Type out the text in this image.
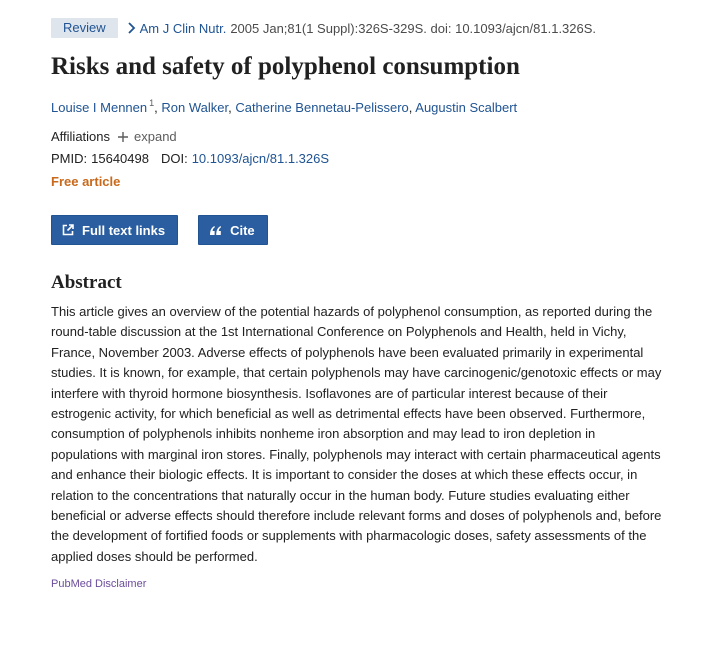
Review	Am J Clin Nutr. 2005 Jan;81(1 Suppl):326S-329S. doi: 10.1093/ajcn/81.1.326S.
Risks and safety of polyphenol consumption
Louise I Mennen $^1$, Ron Walker, Catherine Bennetau-Pelissero, Augustin Scalbert
Affiliations expand
PMID: 15640498 DOI: 10.1093/ajcn/81.1.326S
Free article
Full text links	Cite
Abstract
This article gives an overview of the potential hazards of polyphenol consumption, as reported during the round-table discussion at the 1st International Conference on Polyphenols and Health, held in Vichy, France, November 2003. Adverse effects of polyphenols have been evaluated primarily in experimental studies. It is known, for example, that certain polyphenols may have carcinogenic/genotoxic effects or may interfere with thyroid hormone biosynthesis. Isoflavones are of particular interest because of their estrogenic activity, for which beneficial as well as detrimental effects have been observed. Furthermore, consumption of polyphenols inhibits nonheme iron absorption and may lead to iron depletion in populations with marginal iron stores. Finally, polyphenols may interact with certain pharmaceutical agents and enhance their biologic effects. It is important to consider the doses at which these effects occur, in relation to the concentrations that naturally occur in the human body. Future studies evaluating either beneficial or adverse effects should therefore include relevant forms and doses of polyphenols and, before the development of fortified foods or supplements with pharmacologic doses, safety assessments of the applied doses should be performed.
PubMed Disclaimer
